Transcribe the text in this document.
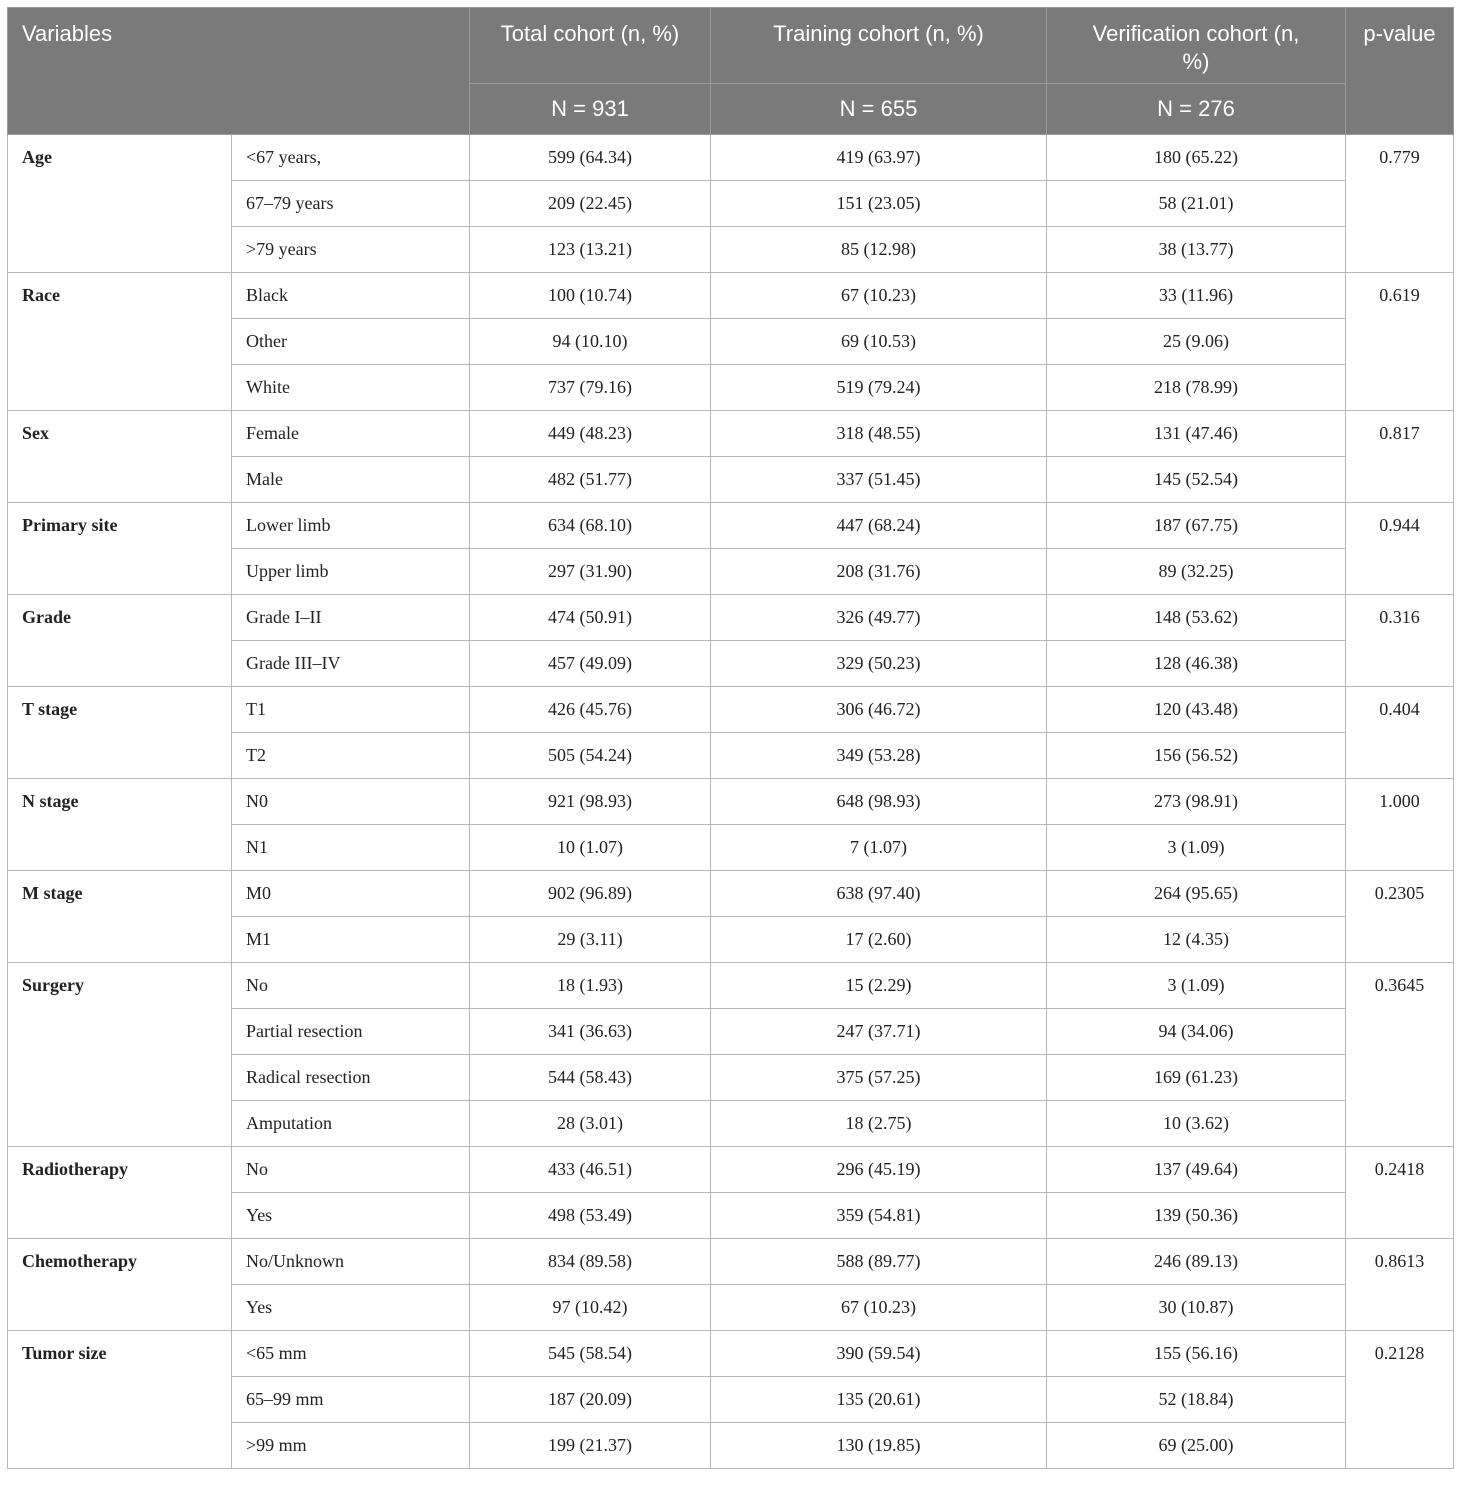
Variables		Total cohort (n, %)	Training cohort (n, %)	Verification cohort (n, %)	p-value
		N = 931	N = 655	N = 276	
Age	<67 years,	599 (64.34)	419 (63.97)	180 (65.22)	0.779
	67–79 years	209 (22.45)	151 (23.05)	58 (21.01)	
	>79 years	123 (13.21)	85 (12.98)	38 (13.77)	
Race	Black	100 (10.74)	67 (10.23)	33 (11.96)	0.619
	Other	94 (10.10)	69 (10.53)	25 (9.06)	
	White	737 (79.16)	519 (79.24)	218 (78.99)	
Sex	Female	449 (48.23)	318 (48.55)	131 (47.46)	0.817
	Male	482 (51.77)	337 (51.45)	145 (52.54)	
Primary site	Lower limb	634 (68.10)	447 (68.24)	187 (67.75)	0.944
	Upper limb	297 (31.90)	208 (31.76)	89 (32.25)	
Grade	Grade I–II	474 (50.91)	326 (49.77)	148 (53.62)	0.316
	Grade III–IV	457 (49.09)	329 (50.23)	128 (46.38)	
T stage	T1	426 (45.76)	306 (46.72)	120 (43.48)	0.404
	T2	505 (54.24)	349 (53.28)	156 (56.52)	
N stage	N0	921 (98.93)	648 (98.93)	273 (98.91)	1.000
	N1	10 (1.07)	7 (1.07)	3 (1.09)	
M stage	M0	902 (96.89)	638 (97.40)	264 (95.65)	0.2305
	M1	29 (3.11)	17 (2.60)	12 (4.35)	
Surgery	No	18 (1.93)	15 (2.29)	3 (1.09)	0.3645
	Partial resection	341 (36.63)	247 (37.71)	94 (34.06)	
	Radical resection	544 (58.43)	375 (57.25)	169 (61.23)	
	Amputation	28 (3.01)	18 (2.75)	10 (3.62)	
Radiotherapy	No	433 (46.51)	296 (45.19)	137 (49.64)	0.2418
	Yes	498 (53.49)	359 (54.81)	139 (50.36)	
Chemotherapy	No/Unknown	834 (89.58)	588 (89.77)	246 (89.13)	0.8613
	Yes	97 (10.42)	67 (10.23)	30 (10.87)	
Tumor size	<65 mm	545 (58.54)	390 (59.54)	155 (56.16)	0.2128
	65–99 mm	187 (20.09)	135 (20.61)	52 (18.84)	
	>99 mm	199 (21.37)	130 (19.85)	69 (25.00)	
